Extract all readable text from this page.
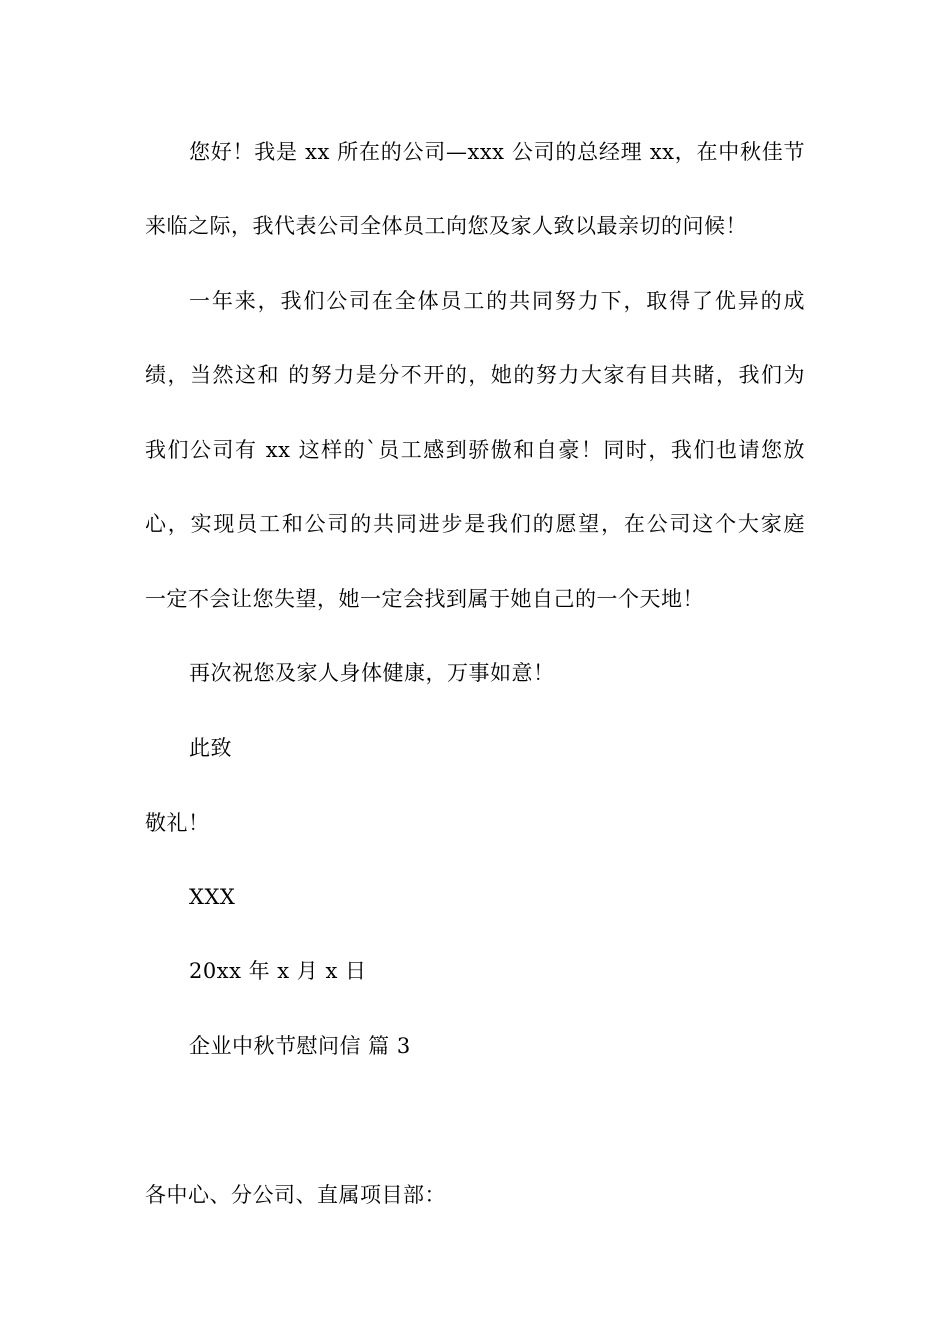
您好！我是 xx 所在的公司—xxx 公司的总经理 xx，在中秋佳节
来临之际，我代表公司全体员工向您及家人致以最亲切的问候！
一年来，我们公司在全体员工的共同努力下，取得了优异的成
绩，当然这和 的努力是分不开的，她的努力大家有目共睹，我们为
我们公司有 xx 这样的`员工感到骄傲和自豪！同时，我们也请您放
心，实现员工和公司的共同进步是我们的愿望，在公司这个大家庭
一定不会让您失望，她一定会找到属于她自己的一个天地！
再次祝您及家人身体健康，万事如意！
此致
敬礼！
XXX
20xx 年 x 月 x 日
企业中秋节慰问信 篇 3
各中心、分公司、直属项目部：
